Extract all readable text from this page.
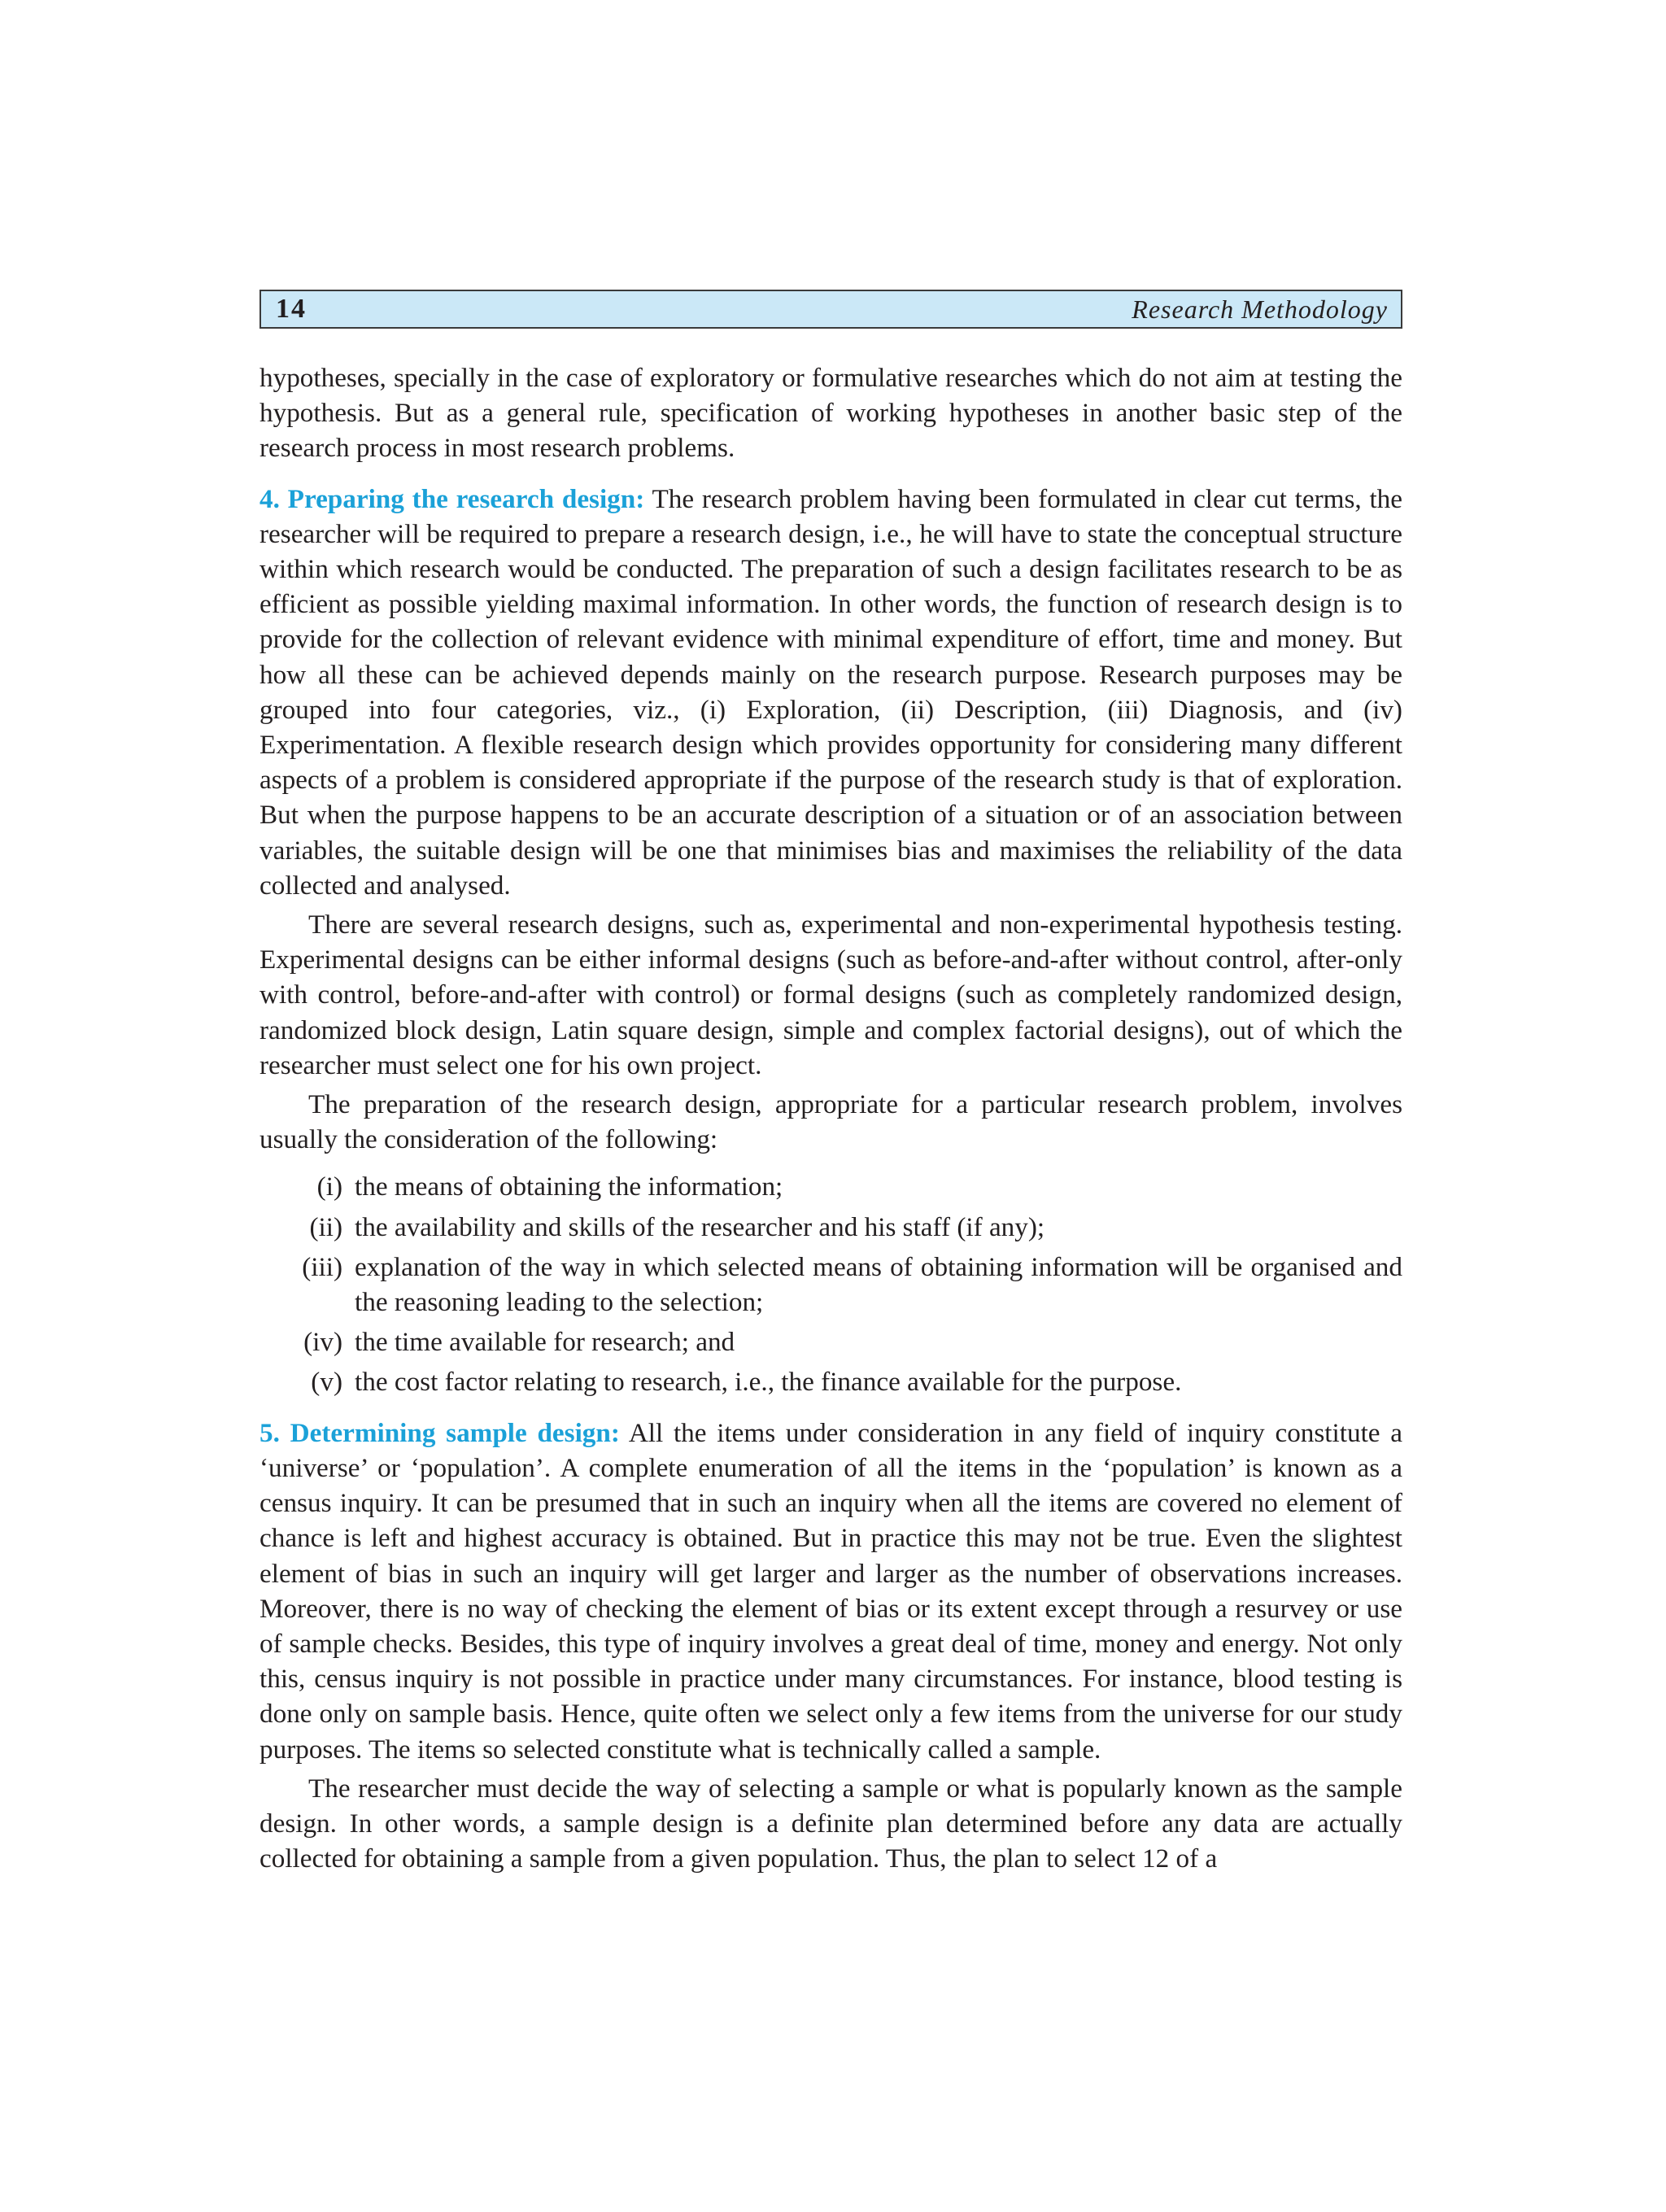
14	Research Methodology

hypotheses, specially in the case of exploratory or formulative researches which do not aim at testing the hypothesis. But as a general rule, specification of working hypotheses in another basic step of the research process in most research problems.

4. Preparing the research design: The research problem having been formulated in clear cut terms, the researcher will be required to prepare a research design, i.e., he will have to state the conceptual structure within which research would be conducted. The preparation of such a design facilitates research to be as efficient as possible yielding maximal information. In other words, the function of research design is to provide for the collection of relevant evidence with minimal expenditure of effort, time and money. But how all these can be achieved depends mainly on the research purpose. Research purposes may be grouped into four categories, viz., (i) Exploration, (ii) Description, (iii) Diagnosis, and (iv) Experimentation. A flexible research design which provides opportunity for considering many different aspects of a problem is considered appropriate if the purpose of the research study is that of exploration. But when the purpose happens to be an accurate description of a situation or of an association between variables, the suitable design will be one that minimises bias and maximises the reliability of the data collected and analysed.

There are several research designs, such as, experimental and non-experimental hypothesis testing. Experimental designs can be either informal designs (such as before-and-after without control, after-only with control, before-and-after with control) or formal designs (such as completely randomized design, randomized block design, Latin square design, simple and complex factorial designs), out of which the researcher must select one for his own project.

The preparation of the research design, appropriate for a particular research problem, involves usually the consideration of the following:

(i) the means of obtaining the information;
(ii) the availability and skills of the researcher and his staff (if any);
(iii) explanation of the way in which selected means of obtaining information will be organised and the reasoning leading to the selection;
(iv) the time available for research; and
(v) the cost factor relating to research, i.e., the finance available for the purpose.

5. Determining sample design: All the items under consideration in any field of inquiry constitute a ‘universe’ or ‘population’. A complete enumeration of all the items in the ‘population’ is known as a census inquiry. It can be presumed that in such an inquiry when all the items are covered no element of chance is left and highest accuracy is obtained. But in practice this may not be true. Even the slightest element of bias in such an inquiry will get larger and larger as the number of observations increases. Moreover, there is no way of checking the element of bias or its extent except through a resurvey or use of sample checks. Besides, this type of inquiry involves a great deal of time, money and energy. Not only this, census inquiry is not possible in practice under many circumstances. For instance, blood testing is done only on sample basis. Hence, quite often we select only a few items from the universe for our study purposes. The items so selected constitute what is technically called a sample.

The researcher must decide the way of selecting a sample or what is popularly known as the sample design. In other words, a sample design is a definite plan determined before any data are actually collected for obtaining a sample from a given population. Thus, the plan to select 12 of a
